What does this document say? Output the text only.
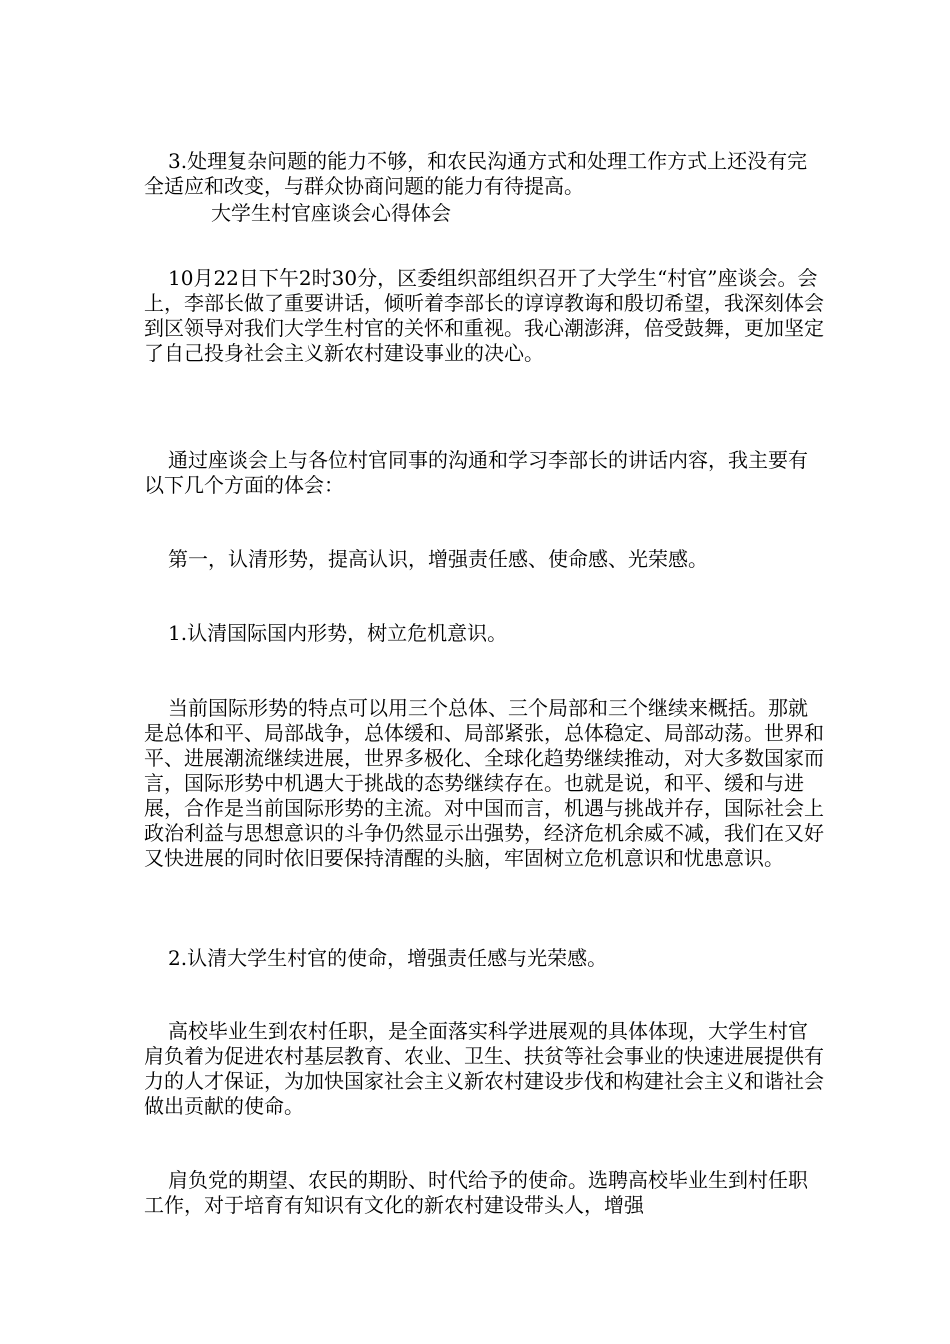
3.处理复杂问题的能力不够，和农民沟通方式和处理工作方式上还没有完全适应和改变，与群众协商问题的能力有待提高。

大学生村官座谈会心得体会

10月22日下午2时30分，区委组织部组织召开了大学生“村官”座谈会。会上，李部长做了重要讲话，倾听着李部长的谆谆教诲和殷切希望，我深刻体会到区领导对我们大学生村官的关怀和重视。我心潮澎湃，倍受鼓舞，更加坚定了自己投身社会主义新农村建设事业的决心。

通过座谈会上与各位村官同事的沟通和学习李部长的讲话内容，我主要有以下几个方面的体会：

第一，认清形势，提高认识，增强责任感、使命感、光荣感。

1.认清国际国内形势，树立危机意识。

当前国际形势的特点可以用三个总体、三个局部和三个继续来概括。那就是总体和平、局部战争，总体缓和、局部紧张，总体稳定、局部动荡。世界和平、进展潮流继续进展，世界多极化、全球化趋势继续推动，对大多数国家而言，国际形势中机遇大于挑战的态势继续存在。也就是说，和平、缓和与进展，合作是当前国际形势的主流。对中国而言，机遇与挑战并存，国际社会上政治利益与思想意识的斗争仍然显示出强势，经济危机余威不减，我们在又好又快进展的同时依旧要保持清醒的头脑，牢固树立危机意识和忧患意识。

2.认清大学生村官的使命，增强责任感与光荣感。

高校毕业生到农村任职，是全面落实科学进展观的具体体现，大学生村官肩负着为促进农村基层教育、农业、卫生、扶贫等社会事业的快速进展提供有力的人才保证，为加快国家社会主义新农村建设步伐和构建社会主义和谐社会做出贡献的使命。

肩负党的期望、农民的期盼、时代给予的使命。选聘高校毕业生到村任职工作，对于培育有知识有文化的新农村建设带头人，增强
